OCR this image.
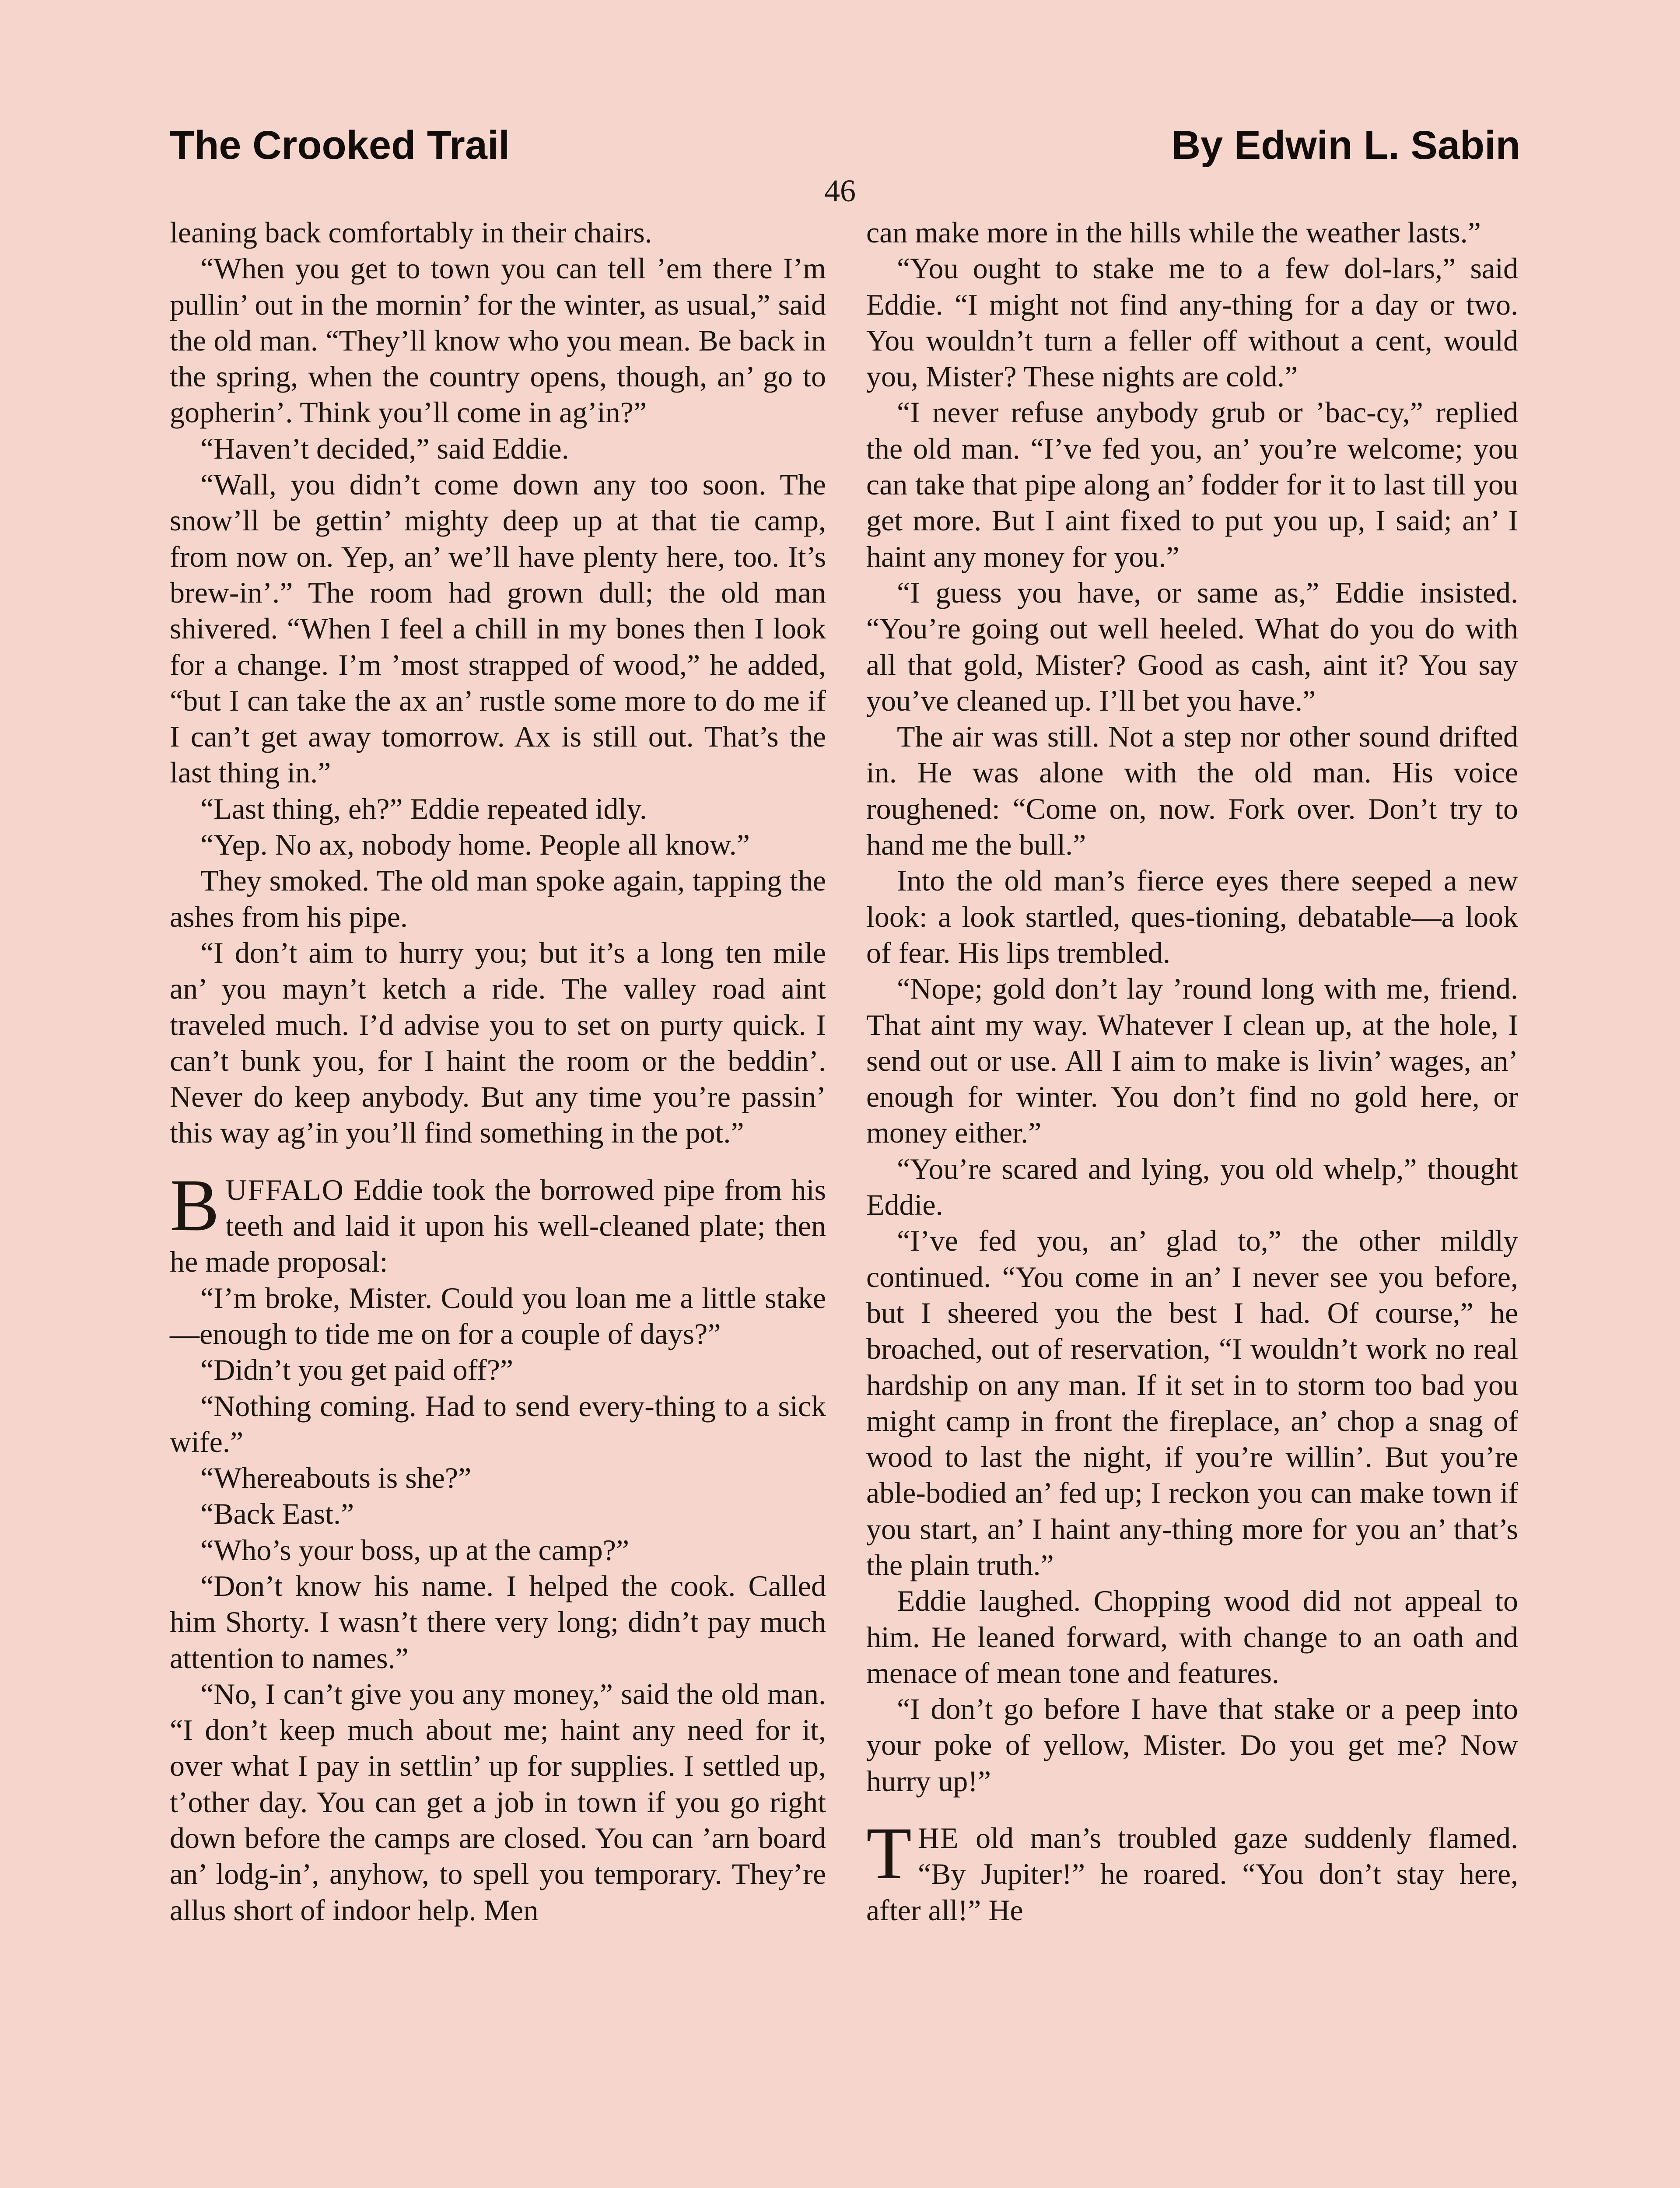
The Crooked Trail	By Edwin L. Sabin
46

leaning back comfortably in their chairs.

“When you get to town you can tell ’em there I’m pullin’ out in the mornin’ for the winter, as usual,” said the old man. “They’ll know who you mean. Be back in the spring, when the country opens, though, an’ go to gopherin’. Think you’ll come in ag’in?”

“Haven’t decided,” said Eddie.

“Wall, you didn’t come down any too soon. The snow’ll be gettin’ mighty deep up at that tie camp, from now on. Yep, an’ we’ll have plenty here, too. It’s brew-in’.” The room had grown dull; the old man shivered. “When I feel a chill in my bones then I look for a change. I’m ’most strapped of wood,” he added, “but I can take the ax an’ rustle some more to do me if I can’t get away tomorrow. Ax is still out. That’s the last thing in.”

“Last thing, eh?” Eddie repeated idly.

“Yep. No ax, nobody home. People all know.”

They smoked. The old man spoke again, tapping the ashes from his pipe.

“I don’t aim to hurry you; but it’s a long ten mile an’ you mayn’t ketch a ride. The valley road aint traveled much. I’d advise you to set on purty quick. I can’t bunk you, for I haint the room or the beddin’. Never do keep anybody. But any time you’re passin’ this way ag’in you’ll find something in the pot.”

BUFFALO Eddie took the borrowed pipe from his teeth and laid it upon his well-cleaned plate; then he made proposal:

“I’m broke, Mister. Could you loan me a little stake—enough to tide me on for a couple of days?”

“Didn’t you get paid off?”

“Nothing coming. Had to send every-thing to a sick wife.”

“Whereabouts is she?”

“Back East.”

“Who’s your boss, up at the camp?”

“Don’t know his name. I helped the cook. Called him Shorty. I wasn’t there very long; didn’t pay much attention to names.”

“No, I can’t give you any money,” said the old man. “I don’t keep much about me; haint any need for it, over what I pay in settlin’ up for supplies. I settled up, t’other day. You can get a job in town if you go right down before the camps are closed. You can ’arn board an’ lodg-in’, anyhow, to spell you temporary. They’re allus short of indoor help. Men

can make more in the hills while the weather lasts.”

“You ought to stake me to a few dol-lars,” said Eddie. “I might not find any-thing for a day or two. You wouldn’t turn a feller off without a cent, would you, Mister? These nights are cold.”

“I never refuse anybody grub or ’bac-cy,” replied the old man. “I’ve fed you, an’ you’re welcome; you can take that pipe along an’ fodder for it to last till you get more. But I aint fixed to put you up, I said; an’ I haint any money for you.”

“I guess you have, or same as,” Eddie insisted. “You’re going out well heeled. What do you do with all that gold, Mister? Good as cash, aint it? You say you’ve cleaned up. I’ll bet you have.”

The air was still. Not a step nor other sound drifted in. He was alone with the old man. His voice roughened: “Come on, now. Fork over. Don’t try to hand me the bull.”

Into the old man’s fierce eyes there seeped a new look: a look startled, ques-tioning, debatable—a look of fear. His lips trembled.

“Nope; gold don’t lay ’round long with me, friend. That aint my way. Whatever I clean up, at the hole, I send out or use. All I aim to make is livin’ wages, an’ enough for winter. You don’t find no gold here, or money either.”

“You’re scared and lying, you old whelp,” thought Eddie.

“I’ve fed you, an’ glad to,” the other mildly continued. “You come in an’ I never see you before, but I sheered you the best I had. Of course,” he broached, out of reservation, “I wouldn’t work no real hardship on any man. If it set in to storm too bad you might camp in front the fireplace, an’ chop a snag of wood to last the night, if you’re willin’. But you’re able-bodied an’ fed up; I reckon you can make town if you start, an’ I haint any-thing more for you an’ that’s the plain truth.”

Eddie laughed. Chopping wood did not appeal to him. He leaned forward, with change to an oath and menace of mean tone and features.

“I don’t go before I have that stake or a peep into your poke of yellow, Mister. Do you get me? Now hurry up!”

THE old man’s troubled gaze suddenly flamed. “By Jupiter!” he roared. “You don’t stay here, after all!” He
